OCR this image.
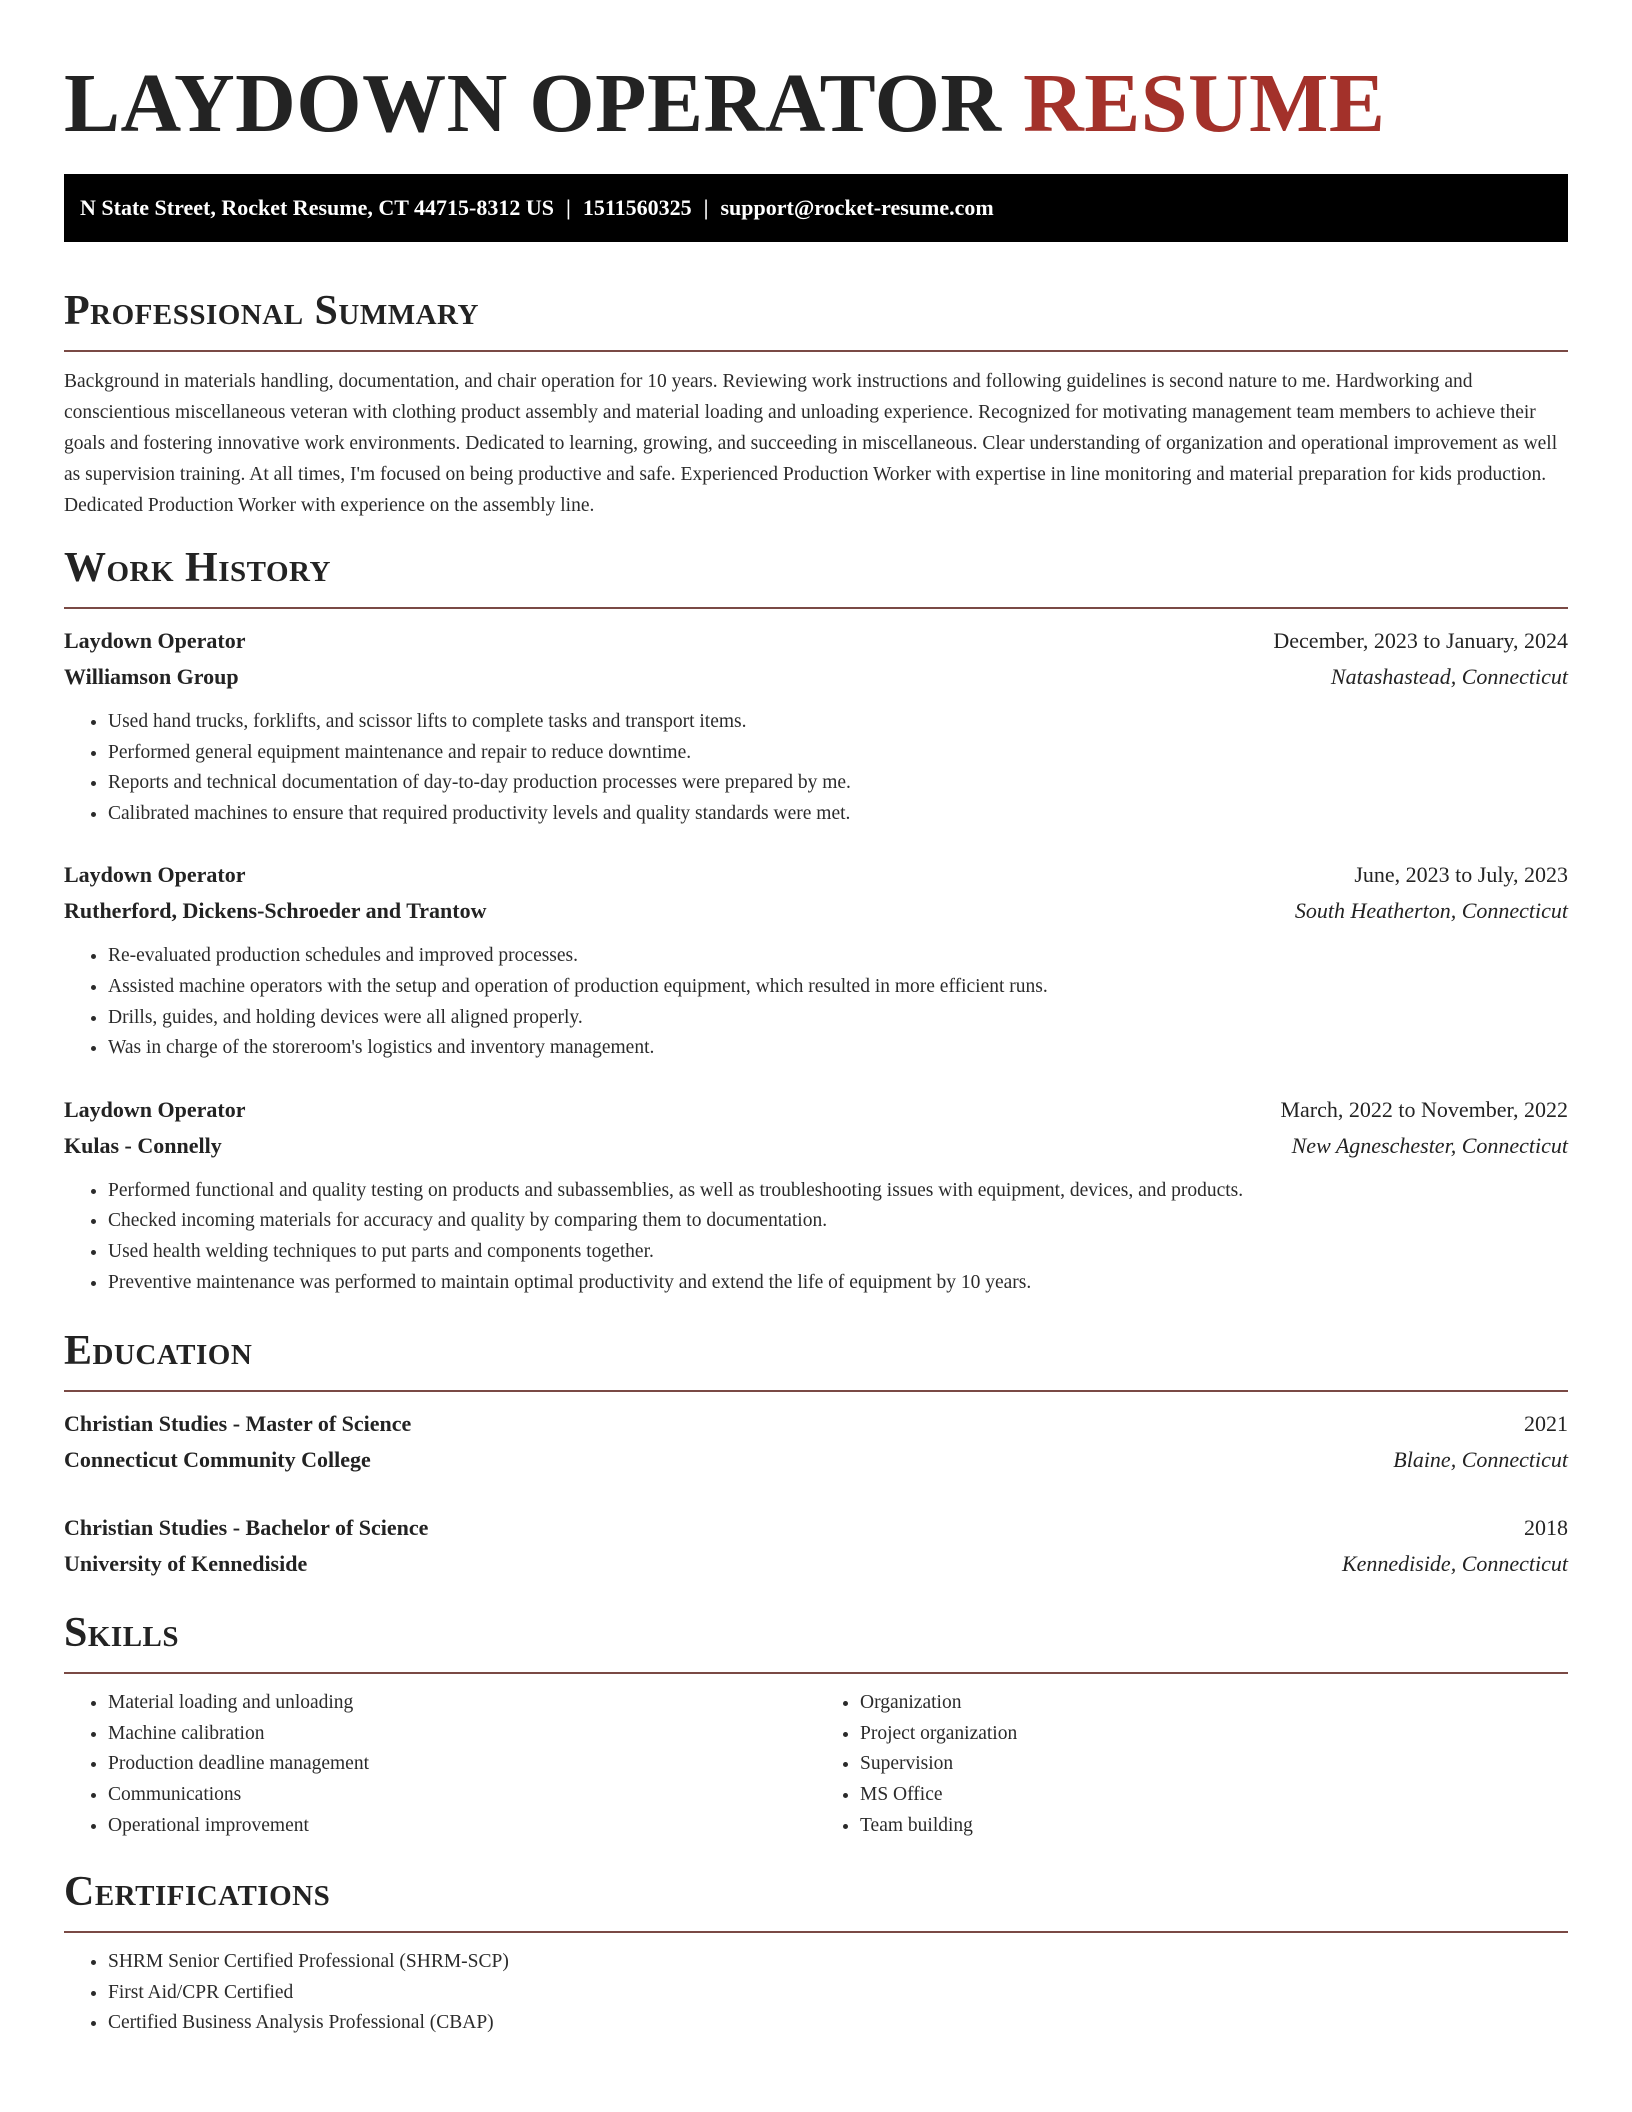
LAYDOWN OPERATOR RESUME
N State Street, Rocket Resume, CT 44715-8312 US | 1511560325 | support@rocket-resume.com
Professional Summary

Background in materials handling, documentation, and chair operation for 10 years. Reviewing work instructions and following guidelines is second nature to me. Hardworking and conscientious miscellaneous veteran with clothing product assembly and material loading and unloading experience. Recognized for motivating management team members to achieve their goals and fostering innovative work environments. Dedicated to learning, growing, and succeeding in miscellaneous. Clear understanding of organization and operational improvement as well as supervision training. At all times, I'm focused on being productive and safe. Experienced Production Worker with expertise in line monitoring and material preparation for kids production. Dedicated Production Worker with experience on the assembly line.

Work History
Laydown Operator	December, 2023 to January, 2024
Williamson Group	Natashastead, Connecticut
• Used hand trucks, forklifts, and scissor lifts to complete tasks and transport items.
• Performed general equipment maintenance and repair to reduce downtime.
• Reports and technical documentation of day-to-day production processes were prepared by me.
• Calibrated machines to ensure that required productivity levels and quality standards were met.
Laydown Operator	June, 2023 to July, 2023
Rutherford, Dickens-Schroeder and Trantow	South Heatherton, Connecticut
• Re-evaluated production schedules and improved processes.
• Assisted machine operators with the setup and operation of production equipment, which resulted in more efficient runs.
• Drills, guides, and holding devices were all aligned properly.
• Was in charge of the storeroom's logistics and inventory management.
Laydown Operator	March, 2022 to November, 2022
Kulas - Connelly	New Agneschester, Connecticut
• Performed functional and quality testing on products and subassemblies, as well as troubleshooting issues with equipment, devices, and products.
• Checked incoming materials for accuracy and quality by comparing them to documentation.
• Used health welding techniques to put parts and components together.
• Preventive maintenance was performed to maintain optimal productivity and extend the life of equipment by 10 years.
Education
Christian Studies - Master of Science	2021
Connecticut Community College	Blaine, Connecticut
Christian Studies - Bachelor of Science	2018
University of Kennediside	Kennediside, Connecticut
Skills
• Material loading and unloading
• Machine calibration
• Production deadline management
• Communications
• Operational improvement
• Organization
• Project organization
• Supervision
• MS Office
• Team building
Certifications
• SHRM Senior Certified Professional (SHRM-SCP)
• First Aid/CPR Certified
• Certified Business Analysis Professional (CBAP)
